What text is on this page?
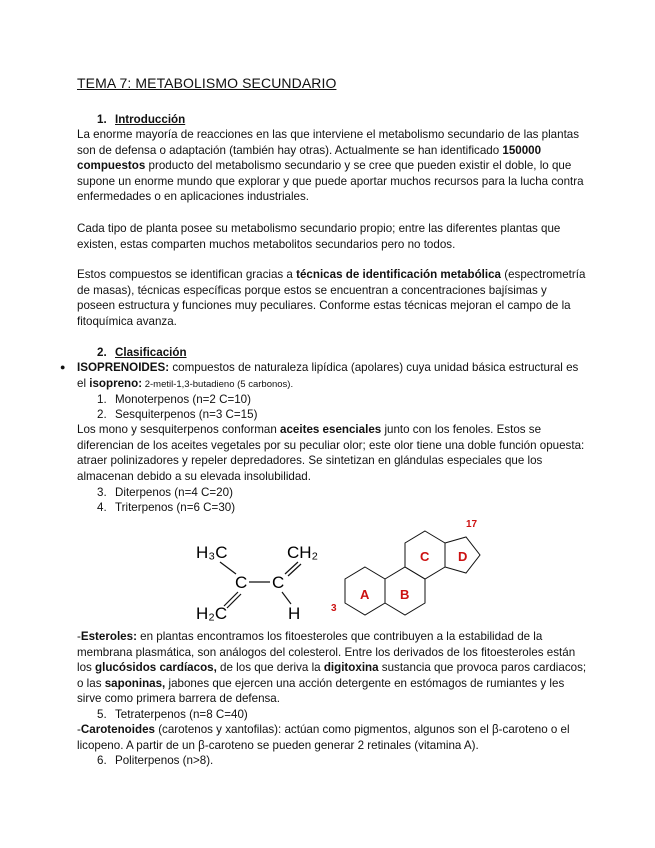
TEMA 7: METABOLISMO SECUNDARIO
1. Introducción
La enorme mayoría de reacciones en las que interviene el metabolismo secundario de las plantas son de defensa o adaptación (también hay otras). Actualmente se han identificado 150000 compuestos producto del metabolismo secundario y se cree que pueden existir el doble, lo que supone un enorme mundo que explorar y que puede aportar muchos recursos para la lucha contra enfermedades o en aplicaciones industriales.
Cada tipo de planta posee su metabolismo secundario propio; entre las diferentes plantas que existen, estas comparten muchos metabolitos secundarios pero no todos.
Estos compuestos se identifican gracias a técnicas de identificación metabólica (espectrometría de masas), técnicas específicas porque estos se encuentran a concentraciones bajísimas y poseen estructura y funciones muy peculiares. Conforme estas técnicas mejoran el campo de la fitoquímica avanza.
2. Clasificación
● ISOPRENOIDES: compuestos de naturaleza lipídica (apolares) cuya unidad básica estructural es el isopreno: 2-metil-1,3-butadieno (5 carbonos).
1. Monoterpenos (n=2 C=10)
2. Sesquiterpenos (n=3 C=15)
Los mono y sesquiterpenos conforman aceites esenciales junto con los fenoles. Estos se diferencian de los aceites vegetales por su peculiar olor; este olor tiene una doble función opuesta: atraer polinizadores y repeler depredadores. Se sintetizan en glándulas especiales que los almacenan debido a su elevada insolubilidad.
3. Diterpenos (n=4 C=20)
4. Triterpenos (n=6 C=30)
H₃C	CH₂
C C
H₂C	H
A B
C D
17
3
-Esteroles: en plantas encontramos los fitoesteroles que contribuyen a la estabilidad de la membrana plasmática, son análogos del colesterol. Entre los derivados de los fitoesteroles están los glucósidos cardíacos, de los que deriva la digitoxina sustancia que provoca paros cardiacos; o las saponinas, jabones que ejercen una acción detergente en estómagos de rumiantes y les sirve como primera barrera de defensa.
5. Tetraterpenos (n=8 C=40)
-Carotenoides (carotenos y xantofilas): actúan como pigmentos, algunos son el β-caroteno o el licopeno. A partir de un β-caroteno se pueden generar 2 retinales (vitamina A).
6. Politerpenos (n>8).
